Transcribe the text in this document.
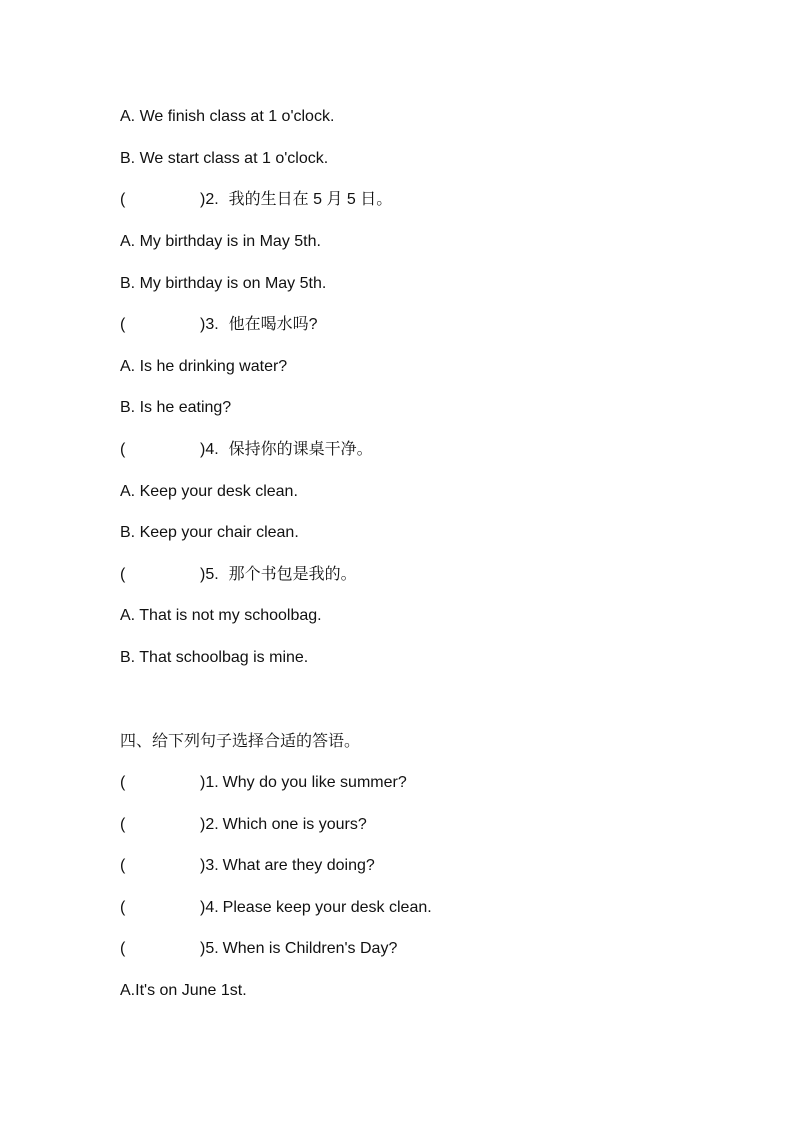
A. We finish class at 1 o'clock.
B. We start class at 1 o'clock.
(	)2. 我的生日在 5 月 5 日。
A. My birthday is in May 5th.
B. My birthday is on May 5th.
(	)3. 他在喝水吗?
A. Is he drinking water?
B. Is he eating?
(	)4. 保持你的课桌干净。
A. Keep your desk clean.
B. Keep your chair clean.
(	)5. 那个书包是我的。
A. That is not my schoolbag.
B. That schoolbag is mine.
四、给下列句子选择合适的答语。
(	)1. Why do you like summer?
(	)2. Which one is yours?
(	)3. What are they doing?
(	)4. Please keep your desk clean.
(	)5. When is Children's Day?
A.It's on June 1st.
